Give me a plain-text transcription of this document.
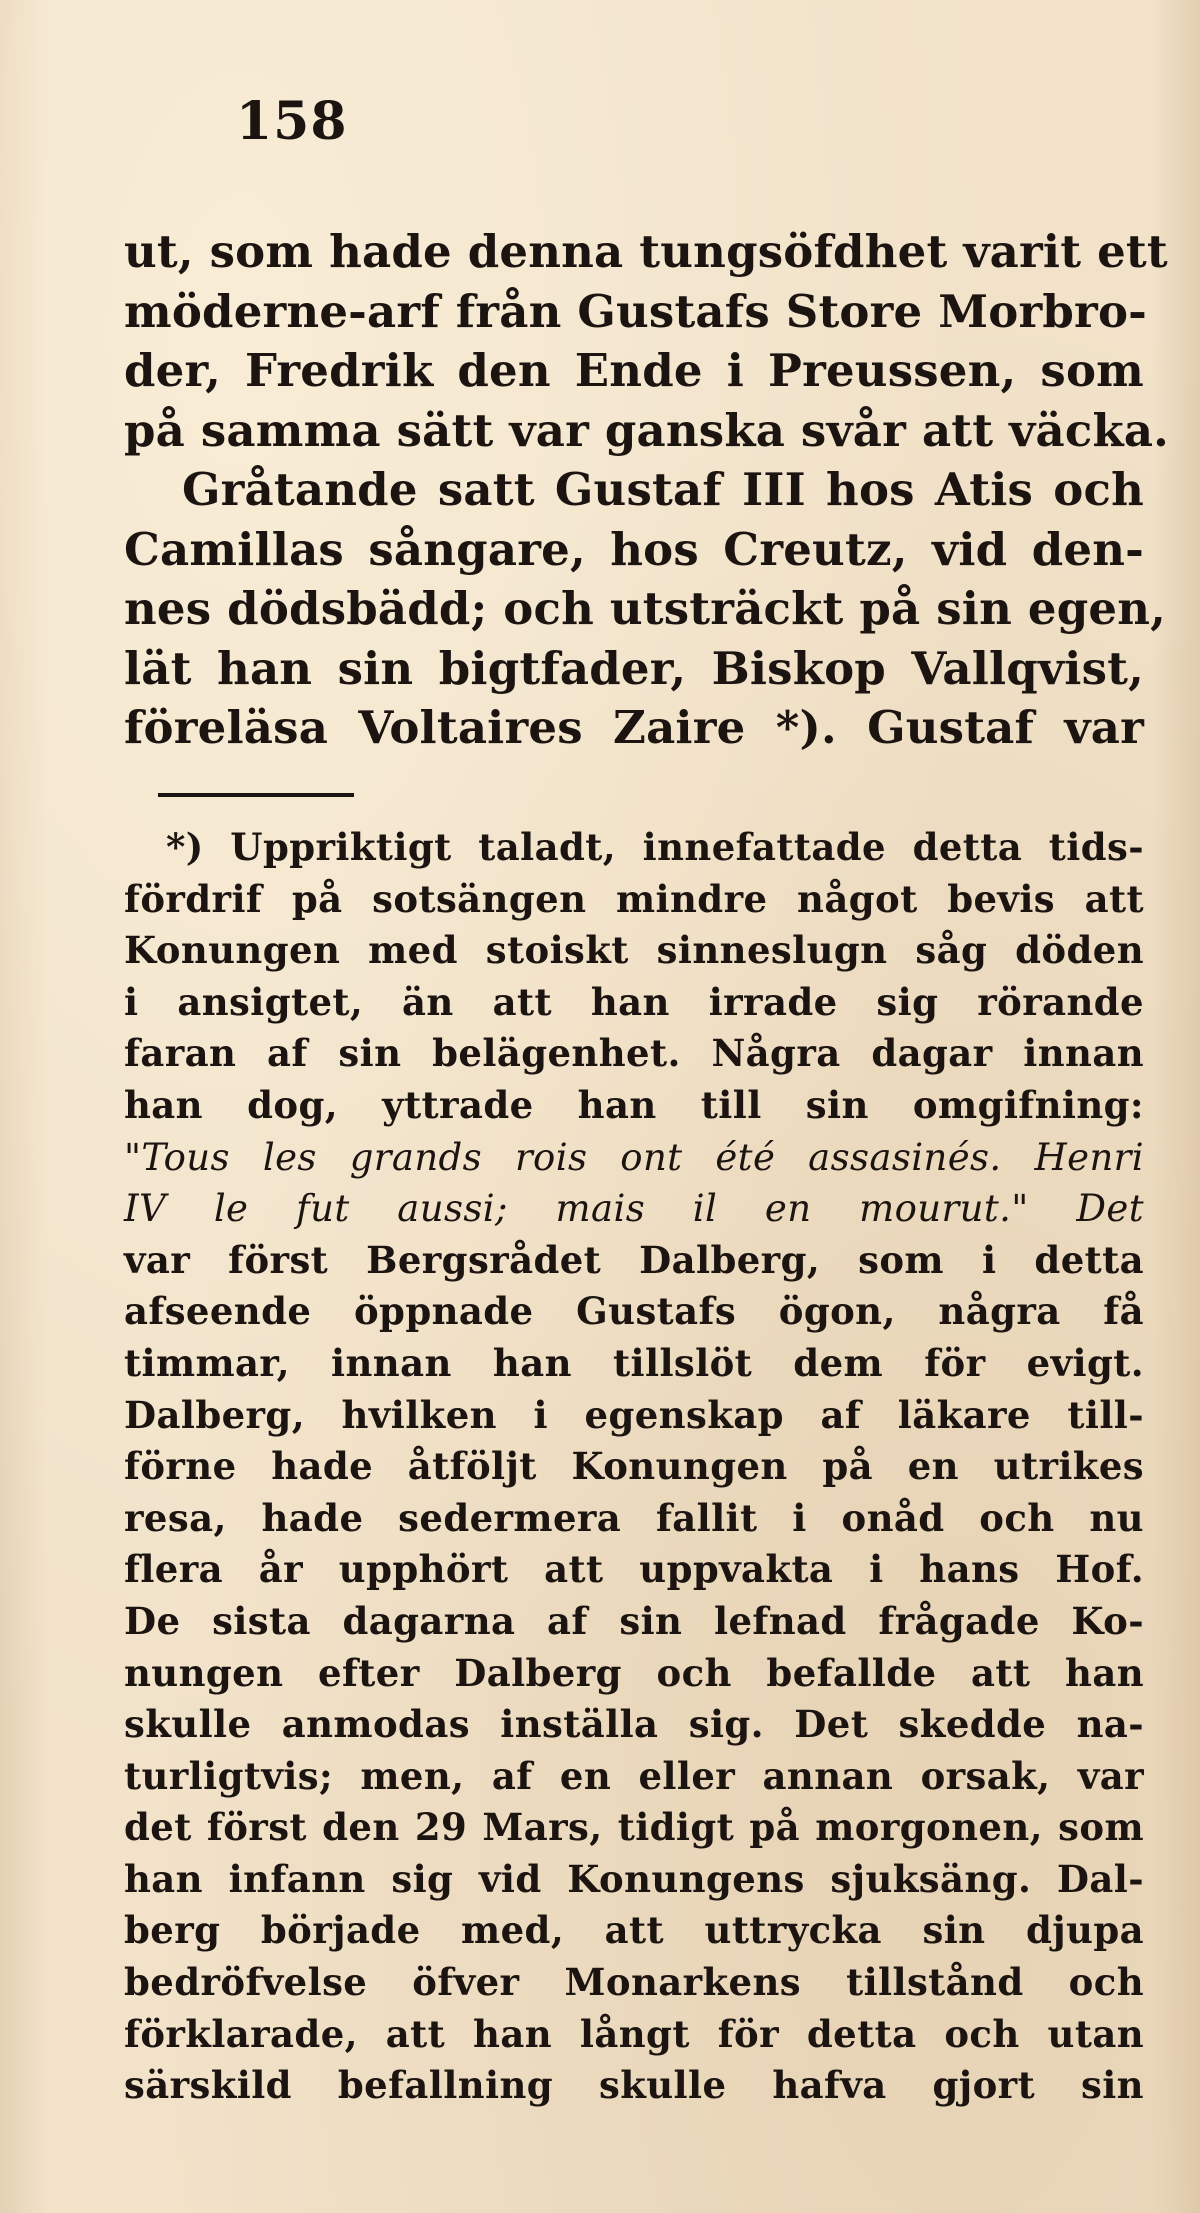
158
ut, som hade denna tungsöfdhet varit ett
möderne-arf från Gustafs Store Morbro-
der, Fredrik den Ende i Preussen, som
på samma sätt var ganska svår att väcka.
Gråtande satt Gustaf III hos Atis och
Camillas sångare, hos Creutz, vid den-
nes dödsbädd; och utsträckt på sin egen,
lät han sin bigtfader, Biskop Vallqvist,
föreläsa Voltaires Zaire *). Gustaf var
*) Uppriktigt taladt, innefattade detta tids-
fördrif på sotsängen mindre något bevis att
Konungen med stoiskt sinneslugn såg döden
i ansigtet, än att han irrade sig rörande
faran af sin belägenhet. Några dagar innan
han dog, yttrade han till sin omgifning:
"Tous les grands rois ont été assasinés. Henri
IV le fut aussi; mais il en mourut." Det
var först Bergsrådet Dalberg, som i detta
afseende öppnade Gustafs ögon, några få
timmar, innan han tillslöt dem för evigt.
Dalberg, hvilken i egenskap af läkare till-
förne hade åtföljt Konungen på en utrikes
resa, hade sedermera fallit i onåd och nu
flera år upphört att uppvakta i hans Hof.
De sista dagarna af sin lefnad frågade Ko-
nungen efter Dalberg och befallde att han
skulle anmodas inställa sig. Det skedde na-
turligtvis; men, af en eller annan orsak, var
det först den 29 Mars, tidigt på morgonen, som
han infann sig vid Konungens sjuksäng. Dal-
berg började med, att uttrycka sin djupa
bedröfvelse öfver Monarkens tillstånd och
förklarade, att han långt för detta och utan
särskild befallning skulle hafva gjort sin
